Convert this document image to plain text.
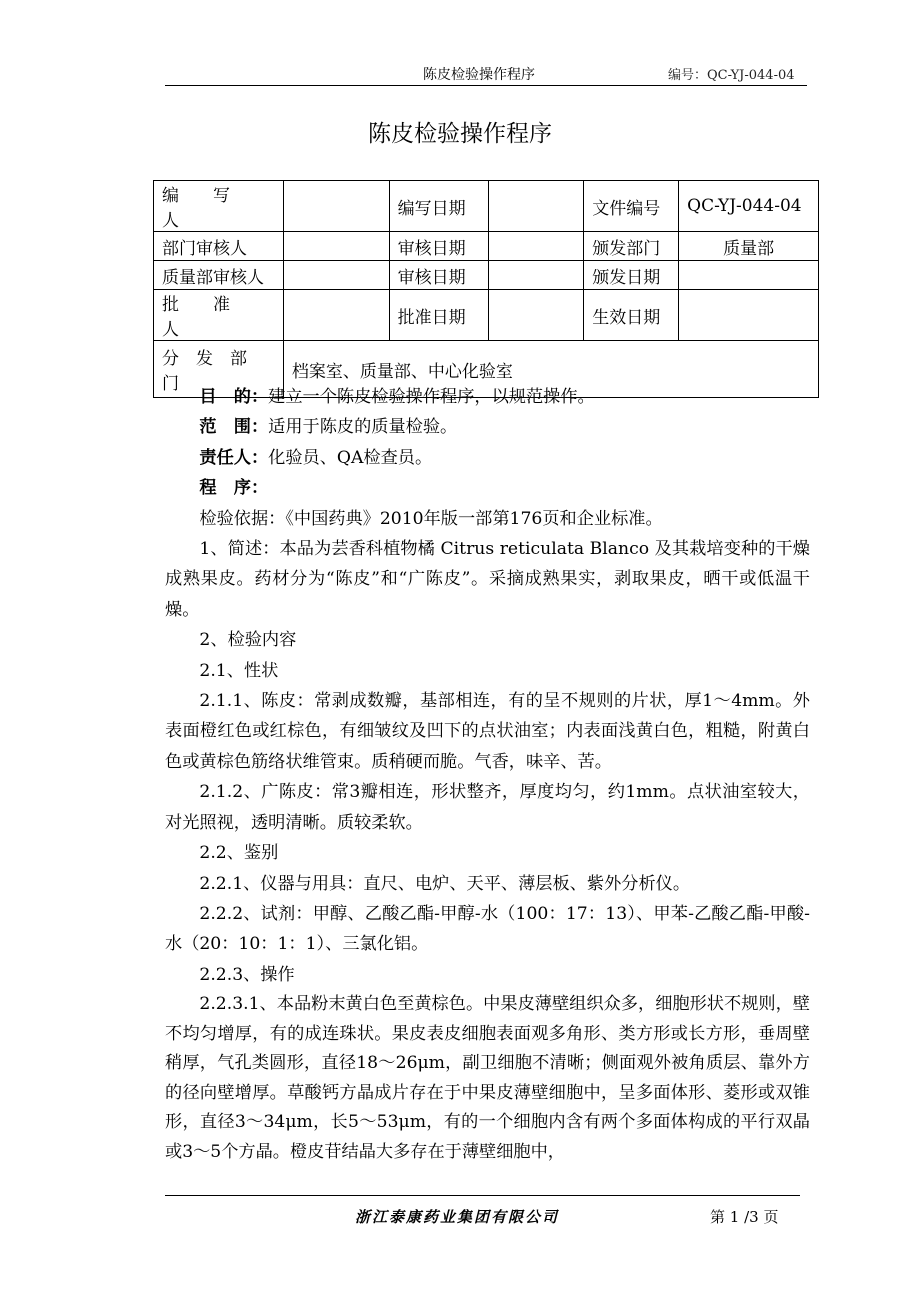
陈皮检验操作程序	编号：QC-YJ-044-04
陈皮检验操作程序
编　　写　　人		编写日期		文件编号	QC-YJ-044-04
部门审核人		审核日期		颁发部门	质量部
质量部审核人		审核日期		颁发日期	
批　　准　　人		批准日期		生效日期	
分　发　部　门	档案室、质量部、中心化验室				

目　的：建立一个陈皮检验操作程序，以规范操作。

范　围：适用于陈皮的质量检验。

责任人：化验员、QA检查员。

程　序：

检验依据：《中国药典》2010年版一部第176页和企业标准。

1、简述：本品为芸香科植物橘 Citrus reticulata Blanco 及其栽培变种的干燥成熟果皮。药材分为“陈皮”和“广陈皮”。采摘成熟果实，剥取果皮，晒干或低温干燥。

2、检验内容

2.1、性状

2.1.1、陈皮：常剥成数瓣，基部相连，有的呈不规则的片状，厚1～4mm。外表面橙红色或红棕色，有细皱纹及凹下的点状油室；内表面浅黄白色，粗糙，附黄白色或黄棕色筋络状维管束。质稍硬而脆。气香，味辛、苦。

2.1.2、广陈皮：常3瓣相连，形状整齐，厚度均匀，约1mm。点状油室较大，对光照视，透明清晰。质较柔软。

2.2、鉴别

2.2.1、仪器与用具：直尺、电炉、天平、薄层板、紫外分析仪。

2.2.2、试剂：甲醇、乙酸乙酯-甲醇-水（100：17：13）、甲苯-乙酸乙酯-甲酸-水（20：10：1：1）、三氯化铝。

2.2.3、操作

2.2.3.1、本品粉末黄白色至黄棕色。中果皮薄壁组织众多，细胞形状不规则，壁不均匀增厚，有的成连珠状。果皮表皮细胞表面观多角形、类方形或长方形，垂周壁稍厚，气孔类圆形，直径18～26μm，副卫细胞不清晰；侧面观外被角质层、靠外方的径向壁增厚。草酸钙方晶成片存在于中果皮薄壁细胞中，呈多面体形、菱形或双锥形，直径3～34μm，长5～53μm，有的一个细胞内含有两个多面体构成的平行双晶或3～5个方晶。橙皮苷结晶大多存在于薄壁细胞中，

浙江泰康药业集团有限公司	第 1 /3 页
